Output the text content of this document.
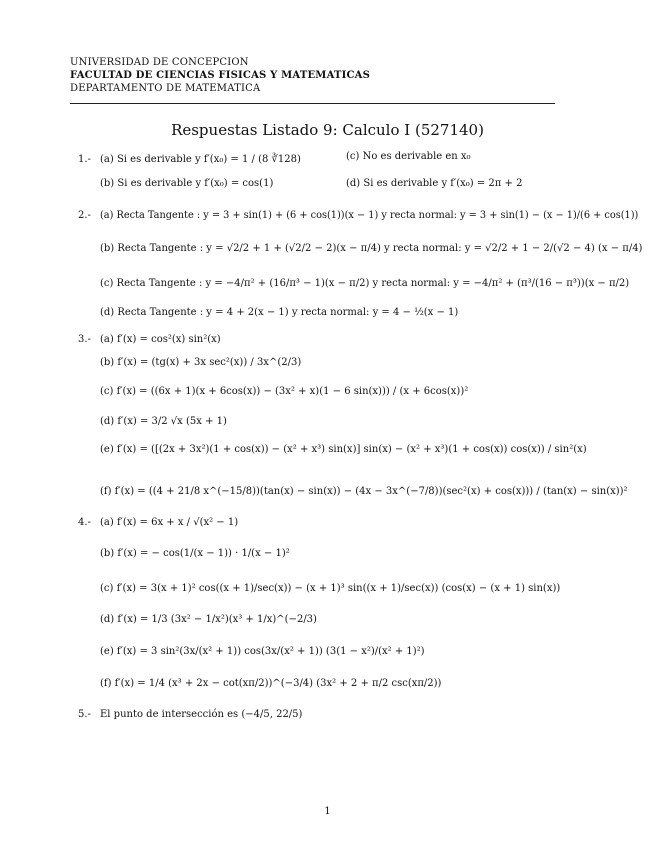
UNIVERSIDAD DE CONCEPCION
FACULTAD DE CIENCIAS FISICAS Y MATEMATICAS
DEPARTAMENTO DE MATEMATICA
Respuestas Listado 9: Calculo I (527140)
1.- (a) Si es derivable y f′(x₀) = 1 / (8 ∛128)	(c) No es derivable en x₀
(b) Si es derivable y f′(x₀) = cos(1)	(d) Si es derivable y f′(x₀) = 2π + 2
2.- (a) Recta Tangente : y = 3 + sin(1) + (6 + cos(1))(x − 1) y recta normal: y = 3 + sin(1) − (x − 1)/(6 + cos(1))
(b) Recta Tangente : y = √2/2 + 1 + (√2/2 − 2)(x − π/4) y recta normal: y = √2/2 + 1 − 2/(√2 − 4) (x − π/4)
(c) Recta Tangente : y = −4/π² + (16/π³ − 1)(x − π/2) y recta normal: y = −4/π² + (π³/(16 − π³))(x − π/2)
(d) Recta Tangente : y = 4 + 2(x − 1) y recta normal: y = 4 − ½(x − 1)
3.- (a) f′(x) = cos²(x) sin²(x)
(b) f′(x) = (tg(x) + 3x sec²(x)) / 3x^(2/3)
(c) f′(x) = ((6x + 1)(x + 6cos(x)) − (3x² + x)(1 − 6 sin(x))) / (x + 6cos(x))²
(d) f′(x) = 3/2 √x (5x + 1)
(e) f′(x) = ([(2x + 3x²)(1 + cos(x)) − (x² + x³) sin(x)] sin(x) − (x² + x³)(1 + cos(x)) cos(x)) / sin²(x)
(f) f′(x) = ((4 + 21/8 x^(−15/8))(tan(x) − sin(x)) − (4x − 3x^(−7/8))(sec²(x) + cos(x))) / (tan(x) − sin(x))²
4.- (a) f′(x) = 6x + x / √(x² − 1)
(b) f′(x) = − cos(1/(x − 1)) · 1/(x − 1)²
(c) f′(x) = 3(x + 1)² cos((x + 1)/sec(x)) − (x + 1)³ sin((x + 1)/sec(x)) (cos(x) − (x + 1) sin(x))
(d) f′(x) = 1/3 (3x² − 1/x²)(x³ + 1/x)^(−2/3)
(e) f′(x) = 3 sin²(3x/(x² + 1)) cos(3x/(x² + 1)) (3(1 − x²)/(x² + 1)²)
(f) f′(x) = 1/4 (x³ + 2x − cot(xπ/2))^(−3/4) (3x² + 2 + π/2 csc(xπ/2))
5.- El punto de intersección es (−4/5, 22/5)
1
